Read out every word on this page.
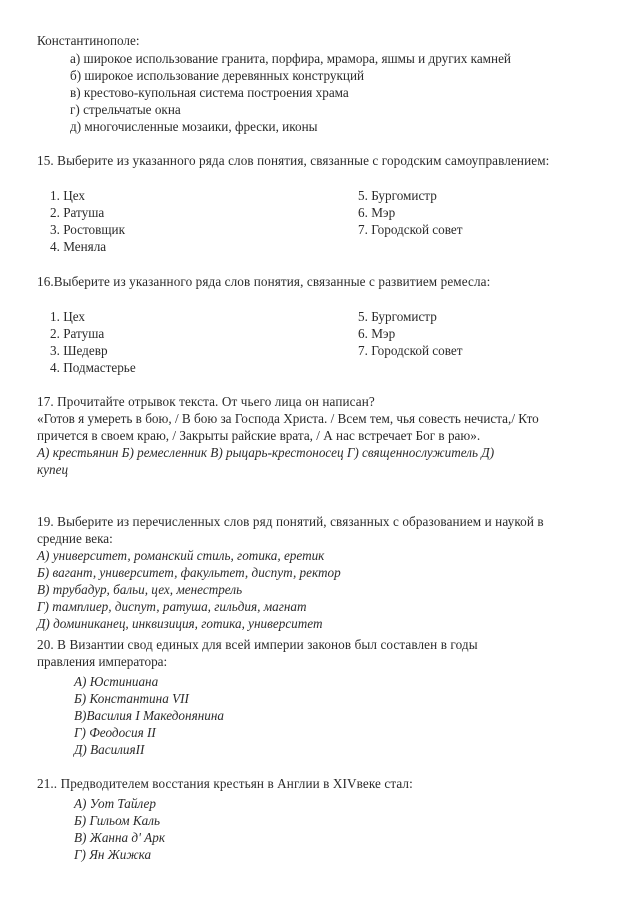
Константинополе:
а) широкое использование гранита, порфира, мрамора, яшмы и других камней
б) широкое использование деревянных конструкций
в) крестово-купольная система построения храма
г) стрельчатые окна
д) многочисленные мозаики, фрески, иконы
15. Выберите из указанного ряда слов понятия, связанные с городским самоуправлением:
1. Цех
2. Ратуша
3. Ростовщик
4. Меняла
5. Бургомистр
6. Мэр
7. Городской совет
16.Выберите из указанного ряда слов понятия, связанные с развитием ремесла:
1. Цех
2. Ратуша
3. Шедевр
4. Подмастерье
5. Бургомистр
6. Мэр
7. Городской совет
17. Прочитайте отрывок текста. От чьего лица он написан?
«Готов я умереть в бою, / В бою за Господа Христа. / Всем тем, чья совесть нечиста,/ Кто
причется в своем краю, / Закрыты райские врата, / А нас встречает Бог в раю».
А) крестьянин Б) ремесленник В) рыцарь-крестоносец Г) священнослужитель Д)
купец
19. Выберите из перечисленных слов ряд понятий, связанных с образованием и наукой в
средние века:
А) университет, романский стиль, готика, еретик
Б) вагант, университет, факультет, диспут, ректор
В) трубадур, бальи, цех, менестрель
Г) тамплиер, диспут, ратуша, гильдия, магнат
Д) доминиканец, инквизиция, готика, университет
20. В Византии свод единых для всей империи законов был составлен в годы
правления императора:
А) Юстиниана
Б) Константина VII
В)Василия I Македонянина
Г) Феодосия II
Д) ВасилияII
21.. Предводителем восстания крестьян в Англии в XIVвеке стал:
А) Уот Тайлер
Б) Гильом Каль
В) Жанна д' Арк
Г) Ян Жижка
